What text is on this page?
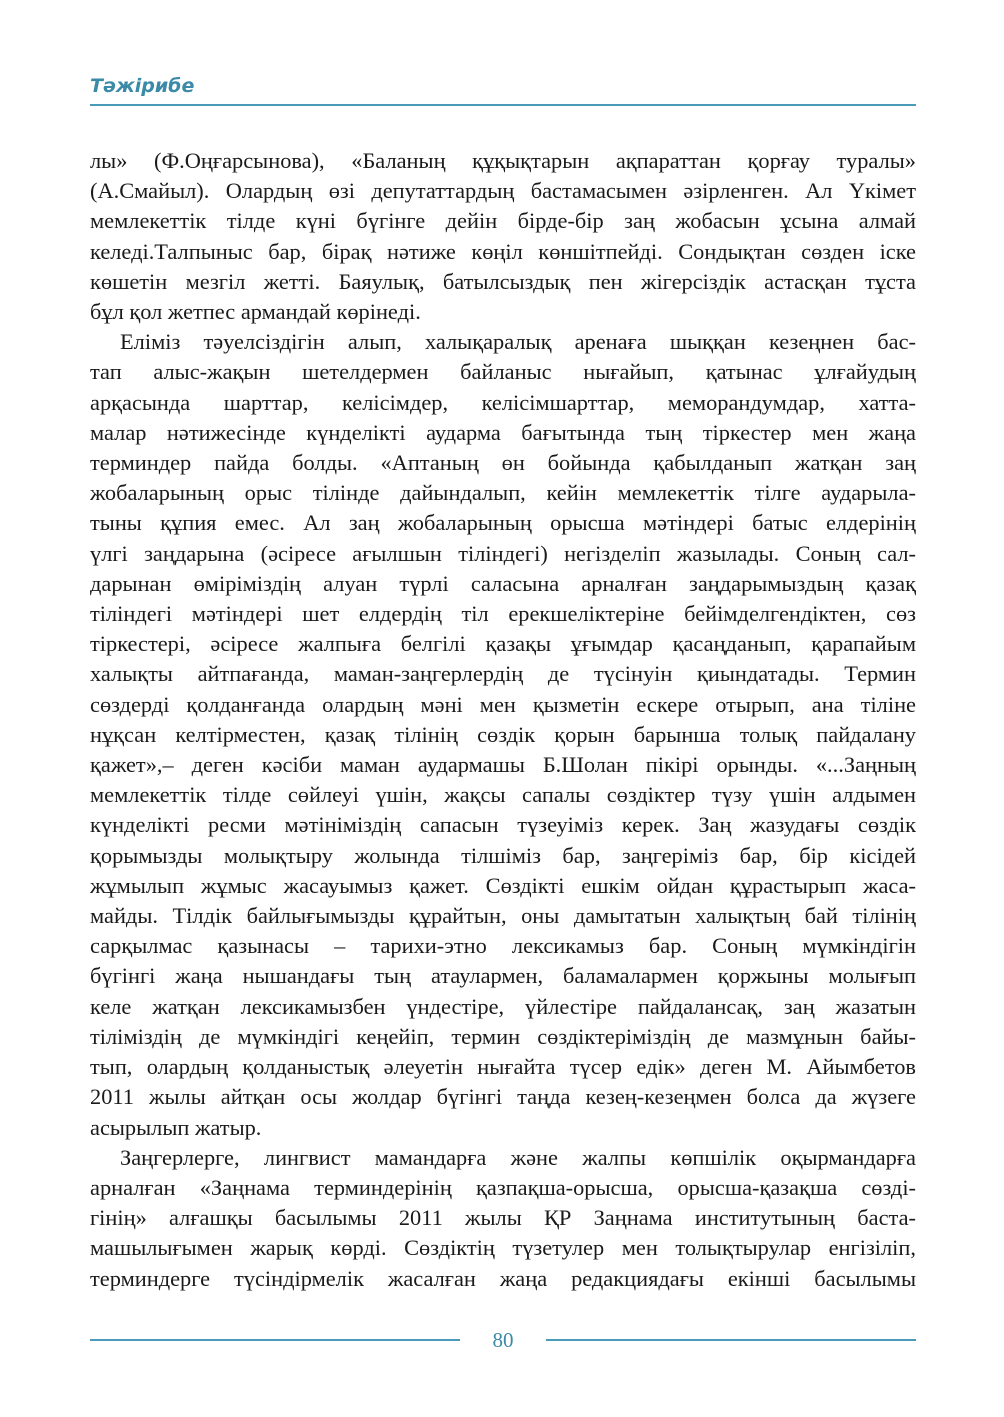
Тәжірибе

лы» (Ф.Оңғарсынова), «Баланың құқықтарын ақпараттан қорғау туралы»

(А.Смайыл). Олардың өзі депутаттардың бастамасымен әзірленген. Ал Үкімет

мемлекеттік тілде күні бүгінге дейін бірде-бір заң жобасын ұсына алмай

келеді.Талпыныс бар, бірақ нәтиже көңіл көншітпейді. Сондықтан сөзден іске

көшетін мезгіл жетті. Баяулық, батылсыздық пен жігерсіздік астасқан тұста

бұл қол жетпес армандай көрінеді.

Еліміз тәуелсіздігін алып, халықаралық аренаға шыққан кезеңнен бас-

тап алыс-жақын шетелдермен байланыс нығайып, қатынас ұлғайудың

арқасында шарттар, келісімдер, келісімшарттар, меморандумдар, хатта-

малар нәтижесінде күнделікті аударма бағытында тың тіркестер мен жаңа

терминдер пайда болды. «Аптаның өн бойында қабылданып жатқан заң

жобаларының орыс тілінде дайындалып, кейін мемлекеттік тілге аударыла-

тыны құпия емес. Ал заң жобаларының орысша мәтіндері батыс елдерінің

үлгі заңдарына (әсіресе ағылшын тіліндегі) негізделіп жазылады. Соның сал-

дарынан өміріміздің алуан түрлі саласына арналған заңдарымыздың қазақ

тіліндегі мәтіндері шет елдердің тіл ерекшеліктеріне бейімделгендіктен, сөз

тіркестері, әсіресе жалпыға белгілі қазақы ұғымдар қасаңданып, қарапайым

халықты айтпағанда, маман-заңгерлердің де түсінуін қиындатады. Термин

сөздерді қолданғанда олардың мәні мен қызметін ескере отырып, ана тіліне

нұқсан келтірместен, қазақ тілінің сөздік қорын барынша толық пайдалану

қажет»,– деген кәсіби маман аудармашы Б.Шолан пікірі орынды. «...Заңның

мемлекеттік тілде сөйлеуі үшін, жақсы сапалы сөздіктер түзу үшін алдымен

күнделікті ресми мәтініміздің сапасын түзеуіміз керек. Заң жазудағы сөздік

қорымызды молықтыру жолында тілшіміз бар, заңгеріміз бар, бір кісідей

жұмылып жұмыс жасауымыз қажет. Сөздікті ешкім ойдан құрастырып жаса-

майды. Тілдік байлығымызды құрайтын, оны дамытатын халықтың бай тілінің

сарқылмас қазынасы – тарихи-этно лексикамыз бар. Соның мүмкіндігін

бүгінгі жаңа нышандағы тың атаулармен, баламалармен қоржыны молығып

келе жатқан лексикамызбен үндестіре, үйлестіре пайдалансақ, заң жазатын

тіліміздің де мүмкіндігі кеңейіп, термин сөздіктеріміздің де мазмұнын байы-

тып, олардың қолданыстық әлеуетін нығайта түсер едік» деген М. Айымбетов

2011 жылы айтқан осы жолдар бүгінгі таңда кезең-кезеңмен болса да жүзеге

асырылып жатыр.

Заңгерлерге, лингвист мамандарға және жалпы көпшілік оқырмандарға

арналған «Заңнама терминдерінің қазпақша-орысша, орысша-қазақша сөзді-

гінің» алғашқы басылымы 2011 жылы ҚР Заңнама институтының баста-

машылығымен жарық көрді. Сөздіктің түзетулер мен толықтырулар енгізіліп,

терминдерге түсіндірмелік жасалған жаңа редакциядағы екінші басылымы

80
